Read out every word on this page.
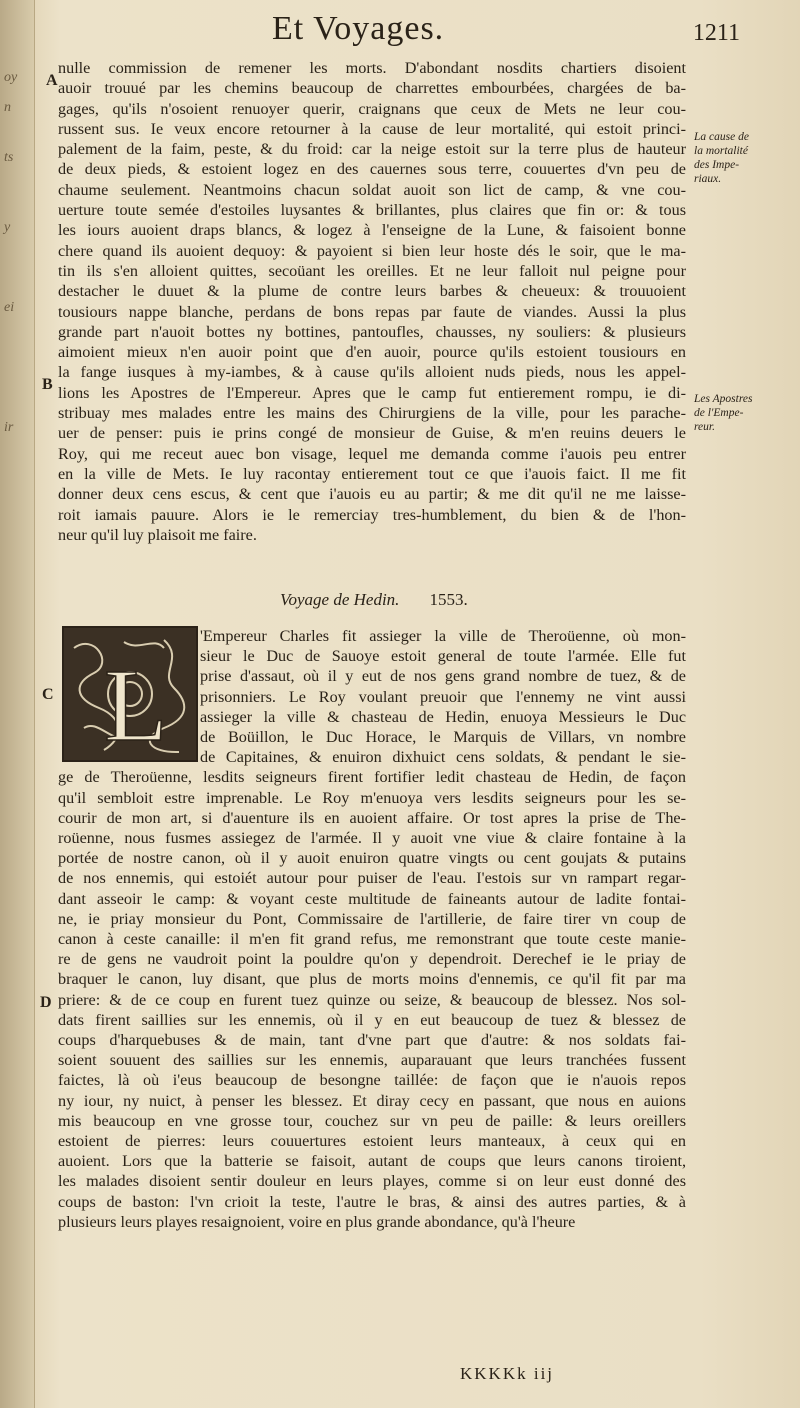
oy
n
ts
y
ei
ir
Et Voyages.	1211
A
B
C
D
La cause de
la mortalité
des Impe-
riaux.
Les Apostres
de l'Empe-
reur.
nulle commission de remener les morts. D'abondant nosdits chartiers disoient
auoir trouué par les chemins beaucoup de charrettes embourbées, chargées de ba-
gages, qu'ils n'osoient renuoyer querir, craignans que ceux de Mets ne leur cou-
russent sus. Ie veux encore retourner à la cause de leur mortalité, qui estoit princi-
palement de la faim, peste, & du froid: car la neige estoit sur la terre plus de hauteur
de deux pieds, & estoient logez en des cauernes sous terre, couuertes d'vn peu de
chaume seulement. Neantmoins chacun soldat auoit son lict de camp, & vne cou-
uerture toute semée d'estoiles luysantes & brillantes, plus claires que fin or: & tous
les iours auoient draps blancs, & logez à l'enseigne de la Lune, & faisoient bonne
chere quand ils auoient dequoy: & payoient si bien leur hoste dés le soir, que le ma-
tin ils s'en alloient quittes, secoüant les oreilles. Et ne leur falloit nul peigne pour
destacher le duuet & la plume de contre leurs barbes & cheueux: & trouuoient
tousiours nappe blanche, perdans de bons repas par faute de viandes. Aussi la plus
grande part n'auoit bottes ny bottines, pantoufles, chausses, ny souliers: & plusieurs
aimoient mieux n'en auoir point que d'en auoir, pource qu'ils estoient tousiours en
la fange iusques à my-iambes, & à cause qu'ils alloient nuds pieds, nous les appel-
lions les Apostres de l'Empereur. Apres que le camp fut entierement rompu, ie di-
stribuay mes malades entre les mains des Chirurgiens de la ville, pour les parache-
uer de penser: puis ie prins congé de monsieur de Guise, & m'en reuins deuers le
Roy, qui me receut auec bon visage, lequel me demanda comme i'auois peu entrer
en la ville de Mets. Ie luy racontay entierement tout ce que i'auois faict. Il me fit
donner deux cens escus, & cent que i'auois eu au partir; & me dit qu'il ne me laisse-
roit iamais pauure. Alors ie le remerciay tres-humblement, du bien & de l'hon-
neur qu'il luy plaisoit me faire.
Voyage de Hedin. 1553.
L
'Empereur Charles fit assieger la ville de Theroüenne, où mon-
sieur le Duc de Sauoye estoit general de toute l'armée. Elle fut
prise d'assaut, où il y eut de nos gens grand nombre de tuez, & de
prisonniers. Le Roy voulant preuoir que l'ennemy ne vint aussi
assieger la ville & chasteau de Hedin, enuoya Messieurs le Duc
de Boüillon, le Duc Horace, le Marquis de Villars, vn nombre
de Capitaines, & enuiron dixhuict cens soldats, & pendant le sie-
ge de Theroüenne, lesdits seigneurs firent fortifier ledit chasteau de Hedin, de façon
qu'il sembloit estre imprenable. Le Roy m'enuoya vers lesdits seigneurs pour les se-
courir de mon art, si d'auenture ils en auoient affaire. Or tost apres la prise de The-
roüenne, nous fusmes assiegez de l'armée. Il y auoit vne viue & claire fontaine à la
portée de nostre canon, où il y auoit enuiron quatre vingts ou cent goujats & putains
de nos ennemis, qui estoiét autour pour puiser de l'eau. I'estois sur vn rampart regar-
dant asseoir le camp: & voyant ceste multitude de faineants autour de ladite fontai-
ne, ie priay monsieur du Pont, Commissaire de l'artillerie, de faire tirer vn coup de
canon à ceste canaille: il m'en fit grand refus, me remonstrant que toute ceste manie-
re de gens ne vaudroit point la pouldre qu'on y dependroit. Derechef ie le priay de
braquer le canon, luy disant, que plus de morts moins d'ennemis, ce qu'il fit par ma
priere: & de ce coup en furent tuez quinze ou seize, & beaucoup de blessez. Nos sol-
dats firent saillies sur les ennemis, où il y en eut beaucoup de tuez & blessez de
coups d'harquebuses & de main, tant d'vne part que d'autre: & nos soldats fai-
soient souuent des saillies sur les ennemis, auparauant que leurs tranchées fussent
faictes, là où i'eus beaucoup de besongne taillée: de façon que ie n'auois repos
ny iour, ny nuict, à penser les blessez. Et diray cecy en passant, que nous en auions
mis beaucoup en vne grosse tour, couchez sur vn peu de paille: & leurs oreillers
estoient de pierres: leurs couuertures estoient leurs manteaux, à ceux qui en
auoient. Lors que la batterie se faisoit, autant de coups que leurs canons tiroient,
les malades disoient sentir douleur en leurs playes, comme si on leur eust donné des
coups de baston: l'vn crioit la teste, l'autre le bras, & ainsi des autres parties, & à
plusieurs leurs playes resaignoient, voire en plus grande abondance, qu'à l'heure
KKKKk iij
